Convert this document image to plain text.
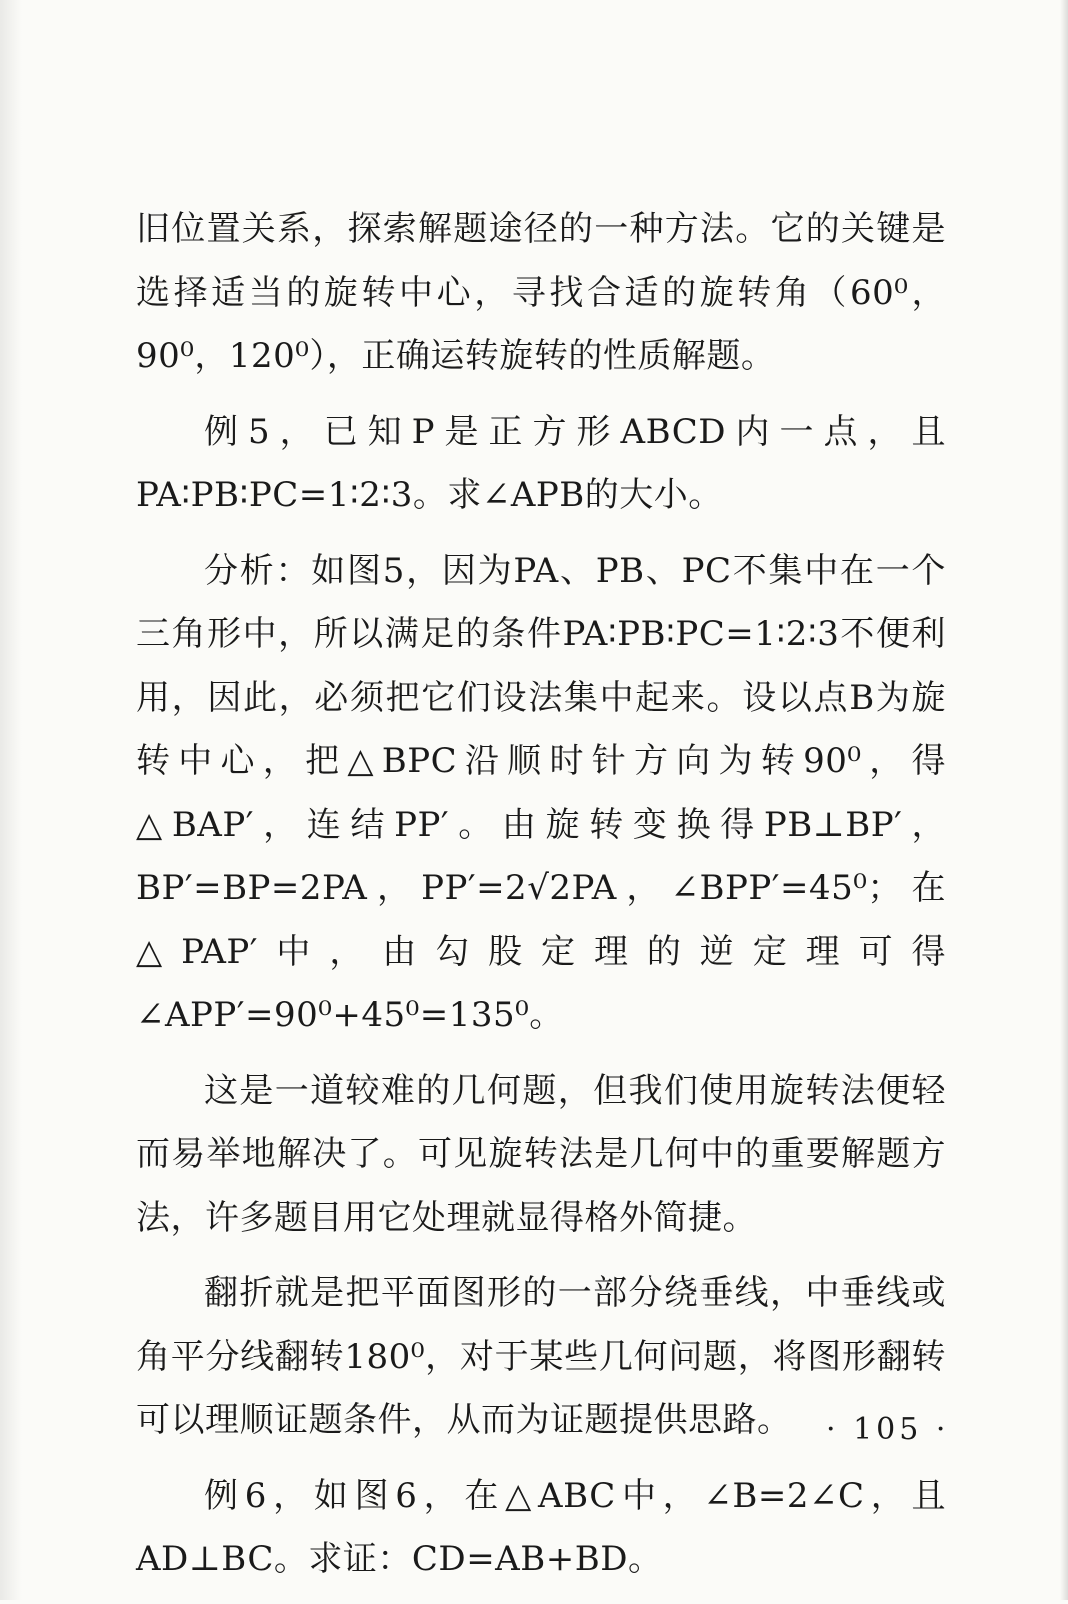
旧位置关系，探索解题途径的一种方法。它的关键是选择适当的旋转中心，寻找合适的旋转角（60⁰，90⁰，120⁰），正确运转旋转的性质解题。

例5，已知P是正方形ABCD内一点，且PA∶PB∶PC=1∶2∶3。求∠APB的大小。

分析：如图5，因为PA、PB、PC不集中在一个三角形中，所以满足的条件PA∶PB∶PC=1∶2∶3不便利用，因此，必须把它们设法集中起来。设以点B为旋转中心，把△BPC沿顺时针方向为转90⁰，得△BAP′，连结PP′。由旋转变换得PB⊥BP′，BP′=BP=2PA，PP′=2√2PA，∠BPP′=45⁰；在△PAP′中，由勾股定理的逆定理可得∠APP′=90⁰+45⁰=135⁰。

这是一道较难的几何题，但我们使用旋转法便轻而易举地解决了。可见旋转法是几何中的重要解题方法，许多题目用它处理就显得格外简捷。

翻折就是把平面图形的一部分绕垂线，中垂线或角平分线翻转180⁰，对于某些几何问题，将图形翻转可以理顺证题条件，从而为证题提供思路。

例6，如图6，在△ABC中，∠B=2∠C，且AD⊥BC。求证：CD=AB+BD。

· 105 ·
